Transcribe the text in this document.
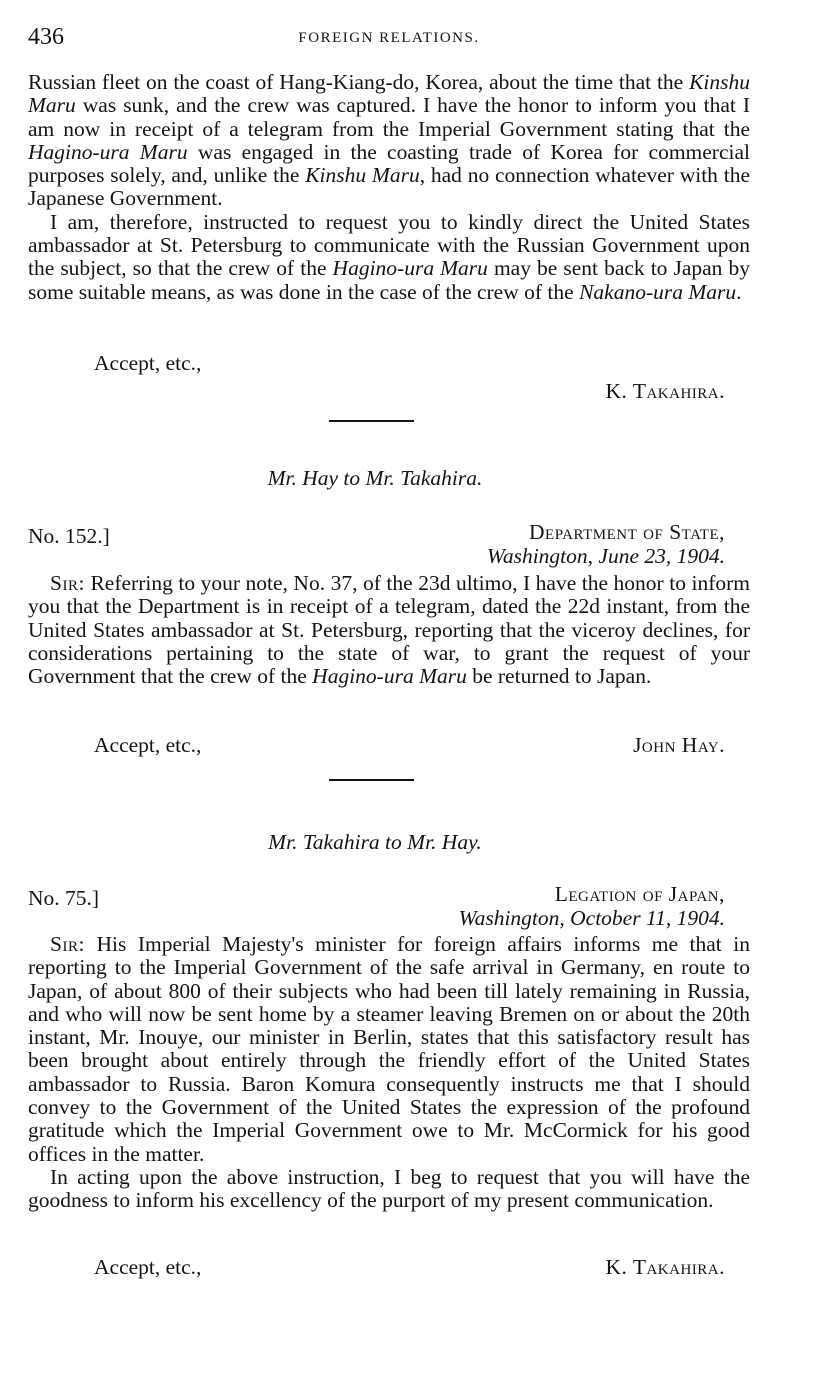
436	FOREIGN RELATIONS.

Russian fleet on the coast of Hang-Kiang-do, Korea, about the time that the Kinshu Maru was sunk, and the crew was captured. I have the honor to inform you that I am now in receipt of a telegram from the Imperial Government stating that the Hagino-ura Maru was engaged in the coasting trade of Korea for commercial purposes solely, and, unlike the Kinshu Maru, had no connection whatever with the Japanese Government.

I am, therefore, instructed to request you to kindly direct the United States ambassador at St. Petersburg to communicate with the Russian Government upon the subject, so that the crew of the Hagino-ura Maru may be sent back to Japan by some suitable means, as was done in the case of the crew of the Nakano-ura Maru.

Accept, etc.,
K. Takahira.
Mr. Hay to Mr. Takahira.
No. 152.]	Department of State,
Washington, June 23, 1904.

Sir: Referring to your note, No. 37, of the 23d ultimo, I have the honor to inform you that the Department is in receipt of a telegram, dated the 22d instant, from the United States ambassador at St. Petersburg, reporting that the viceroy declines, for considerations pertaining to the state of war, to grant the request of your Government that the crew of the Hagino-ura Maru be returned to Japan.

Accept, etc.,	John Hay.
Mr. Takahira to Mr. Hay.
No. 75.]	Legation of Japan,
Washington, October 11, 1904.

Sir: His Imperial Majesty's minister for foreign affairs informs me that in reporting to the Imperial Government of the safe arrival in Germany, en route to Japan, of about 800 of their subjects who had been till lately remaining in Russia, and who will now be sent home by a steamer leaving Bremen on or about the 20th instant, Mr. Inouye, our minister in Berlin, states that this satisfactory result has been brought about entirely through the friendly effort of the United States ambassador to Russia. Baron Komura consequently instructs me that I should convey to the Government of the United States the expression of the profound gratitude which the Imperial Government owe to Mr. McCormick for his good offices in the matter.

In acting upon the above instruction, I beg to request that you will have the goodness to inform his excellency of the purport of my present communication.

Accept, etc.,	K. Takahira.
